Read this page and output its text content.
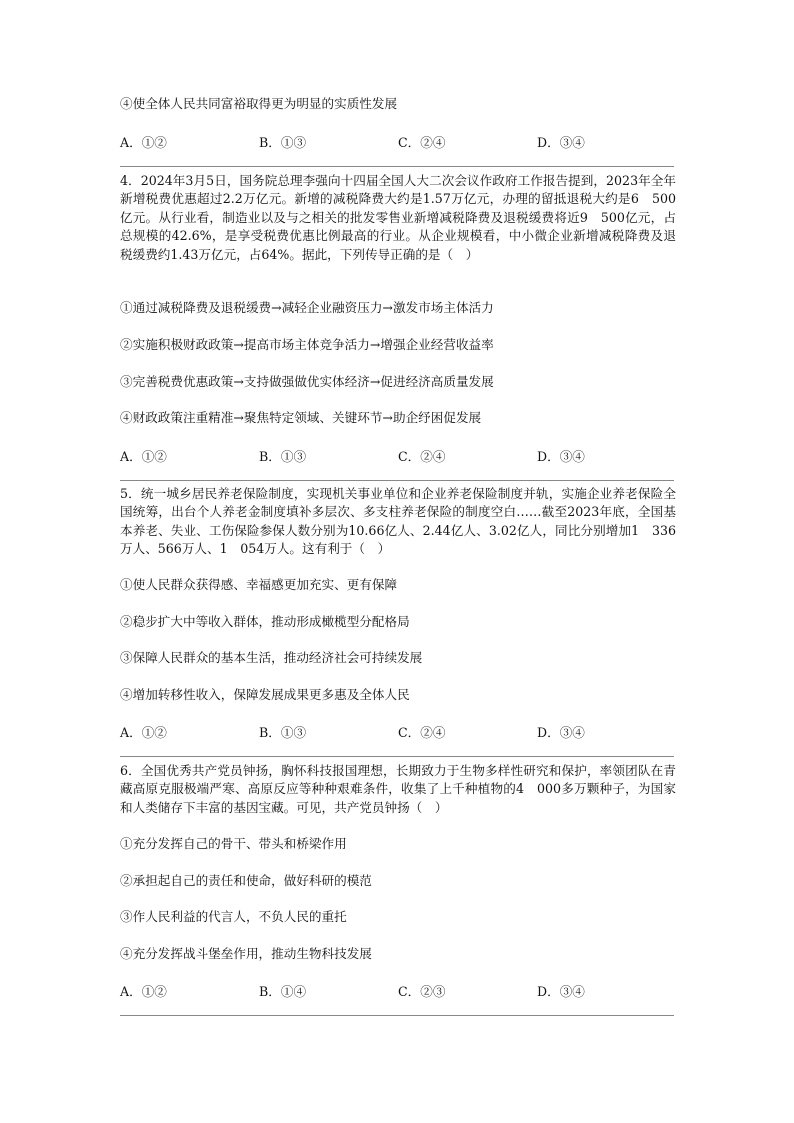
④使全体人民共同富裕取得更为明显的实质性发展
A．①②	B．①③	C．②④	D．③④
4．2024年3月5日，国务院总理李强向十四届全国人大二次会议作政府工作报告提到，2023年全年新增税费优惠超过2.2万亿元。新增的减税降费大约是1.57万亿元，办理的留抵退税大约是6　500亿元。从行业看，制造业以及与之相关的批发零售业新增减税降费及退税缓费将近9　500亿元，占总规模的42.6%，是享受税费优惠比例最高的行业。从企业规模看，中小微企业新增减税降费及退税缓费约1.43万亿元，占64%。据此，下列传导正确的是（　）
①通过减税降费及退税缓费→减轻企业融资压力→激发市场主体活力
②实施积极财政政策→提高市场主体竞争活力→增强企业经营收益率
③完善税费优惠政策→支持做强做优实体经济→促进经济高质量发展
④财政政策注重精准→聚焦特定领域、关键环节→助企纾困促发展
A．①②	B．①③	C．②④	D．③④
5．统一城乡居民养老保险制度，实现机关事业单位和企业养老保险制度并轨，实施企业养老保险全国统筹，出台个人养老金制度填补多层次、多支柱养老保险的制度空白……截至2023年底，全国基本养老、失业、工伤保险参保人数分别为10.66亿人、2.44亿人、3.02亿人，同比分别增加1　336万人、566万人、1　054万人。这有利于（　）
①使人民群众获得感、幸福感更加充实、更有保障
②稳步扩大中等收入群体，推动形成橄榄型分配格局
③保障人民群众的基本生活，推动经济社会可持续发展
④增加转移性收入，保障发展成果更多惠及全体人民
A．①②	B．①③	C．②④	D．③④
6．全国优秀共产党员钟扬，胸怀科技报国理想，长期致力于生物多样性研究和保护，率领团队在青藏高原克服极端严寒、高原反应等种种艰难条件，收集了上千种植物的4　000多万颗种子，为国家和人类储存下丰富的基因宝藏。可见，共产党员钟扬（　）
①充分发挥自己的骨干、带头和桥梁作用
②承担起自己的责任和使命，做好科研的模范
③作人民利益的代言人，不负人民的重托
④充分发挥战斗堡垒作用，推动生物科技发展
A．①②	B．①④	C．②③	D．③④
